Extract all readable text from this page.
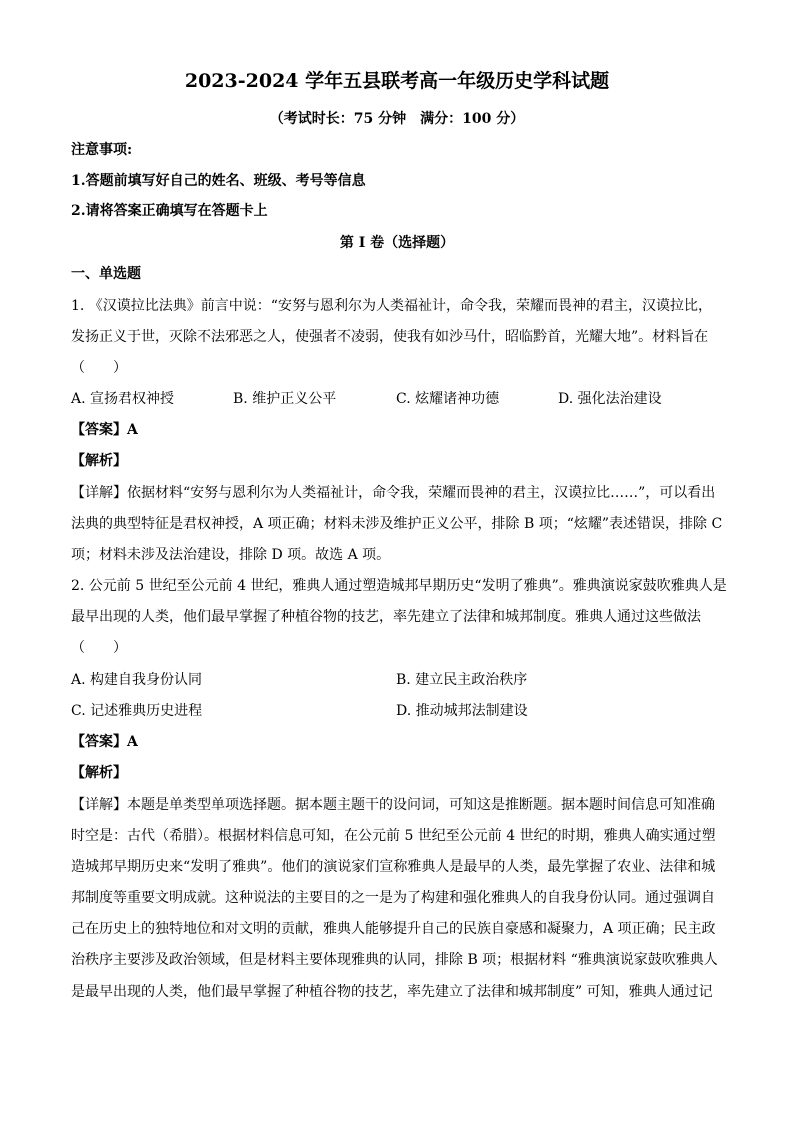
2023-2024 学年五县联考高一年级历史学科试题
（考试时长：75 分钟　满分：100 分）
注意事项:
1.答题前填写好自己的姓名、班级、考号等信息
2.请将答案正确填写在答题卡上
第 I 卷（选择题）
一、单选题
1. 《汉谟拉比法典》前言中说：“安努与恩利尔为人类福祉计，命令我，荣耀而畏神的君主，汉谟拉比，
发扬正义于世，灭除不法邪恶之人，使强者不凌弱，使我有如沙马什，昭临黔首，光耀大地”。材料旨在
（　　）
A. 宣扬君权神授	B. 维护正义公平	C. 炫耀诸神功德	D. 强化法治建设
【答案】A
【解析】
【详解】依据材料“安努与恩利尔为人类福祉计，命令我，荣耀而畏神的君主，汉谟拉比……”，可以看出
法典的典型特征是君权神授，A 项正确；材料未涉及维护正义公平，排除 B 项；“炫耀”表述错误，排除 C
项；材料未涉及法治建设，排除 D 项。故选 A 项。
2. 公元前 5 世纪至公元前 4 世纪，雅典人通过塑造城邦早期历史“发明了雅典”。雅典演说家鼓吹雅典人是
最早出现的人类，他们最早掌握了种植谷物的技艺，率先建立了法律和城邦制度。雅典人通过这些做法
（　　）
A. 构建自我身份认同	B. 建立民主政治秩序
C. 记述雅典历史进程	D. 推动城邦法制建设
【答案】A
【解析】
【详解】本题是单类型单项选择题。据本题主题干的设问词，可知这是推断题。据本题时间信息可知准确
时空是：古代（希腊）。根据材料信息可知，在公元前 5 世纪至公元前 4 世纪的时期，雅典人确实通过塑
造城邦早期历史来“发明了雅典”。他们的演说家们宣称雅典人是最早的人类，最先掌握了农业、法律和城
邦制度等重要文明成就。这种说法的主要目的之一是为了构建和强化雅典人的自我身份认同。通过强调自
己在历史上的独特地位和对文明的贡献，雅典人能够提升自己的民族自豪感和凝聚力，A 项正确；民主政
治秩序主要涉及政治领域，但是材料主要体现雅典的认同，排除 B 项；根据材料 “雅典演说家鼓吹雅典人
是最早出现的人类，他们最早掌握了种植谷物的技艺，率先建立了法律和城邦制度” 可知，雅典人通过记
